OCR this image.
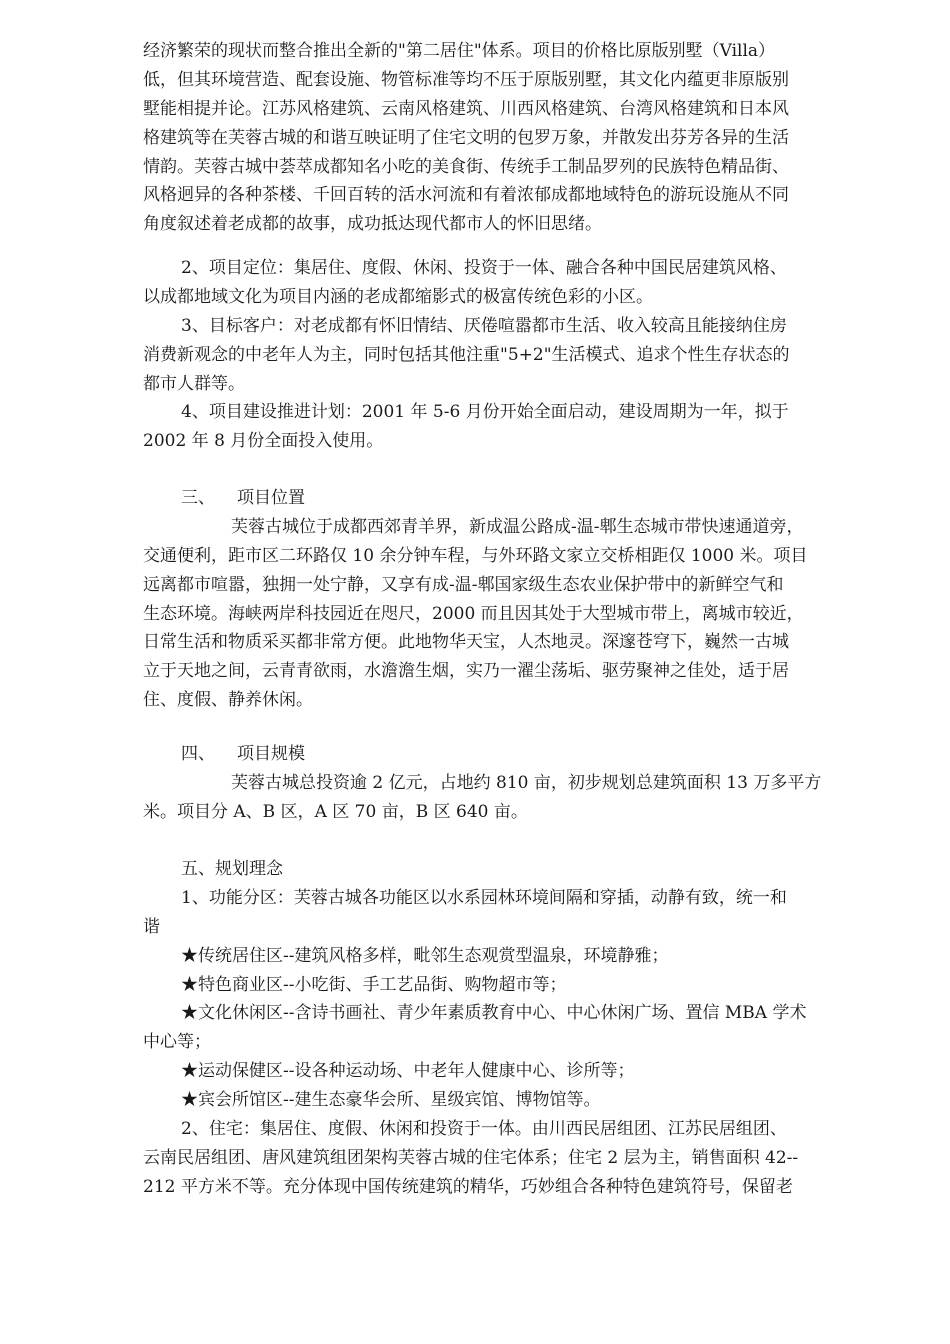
经济繁荣的现状而整合推出全新的"第二居住"体系。项目的价格比原版别墅（Villa）
低，但其环境营造、配套设施、物管标准等均不压于原版别墅，其文化内蕴更非原版别
墅能相提并论。江苏风格建筑、云南风格建筑、川西风格建筑、台湾风格建筑和日本风
格建筑等在芙蓉古城的和谐互映证明了住宅文明的包罗万象，并散发出芬芳各异的生活
情韵。芙蓉古城中荟萃成都知名小吃的美食街、传统手工制品罗列的民族特色精品街、
风格迥异的各种茶楼、千回百转的活水河流和有着浓郁成都地域特色的游玩设施从不同
角度叙述着老成都的故事，成功抵达现代都市人的怀旧思绪。
2、项目定位：集居住、度假、休闲、投资于一体、融合各种中国民居建筑风格、
以成都地域文化为项目内涵的老成都缩影式的极富传统色彩的小区。
3、目标客户：对老成都有怀旧情结、厌倦喧嚣都市生活、收入较高且能接纳住房
消费新观念的中老年人为主，同时包括其他注重"5+2"生活模式、追求个性生存状态的
都市人群等。
4、项目建设推进计划：2001 年 5-6 月份开始全面启动，建设周期为一年，拟于
2002 年 8 月份全面投入使用。
三、 项目位置
芙蓉古城位于成都西郊青羊界，新成温公路成-温-郫生态城市带快速通道旁，
交通便利，距市区二环路仅 10 余分钟车程，与外环路文家立交桥相距仅 1000 米。项目
远离都市喧嚣，独拥一处宁静，又享有成-温-郫国家级生态农业保护带中的新鲜空气和
生态环境。海峡两岸科技园近在咫尺，2000 而且因其处于大型城市带上，离城市较近，
日常生活和物质采买都非常方便。此地物华天宝，人杰地灵。深邃苍穹下，巍然一古城
立于天地之间，云青青欲雨，水澹澹生烟，实乃一濯尘荡垢、驱劳聚神之佳处，适于居
住、度假、静养休闲。
四、 项目规模
芙蓉古城总投资逾 2 亿元，占地约 810 亩，初步规划总建筑面积 13 万多平方
米。项目分 A、B 区，A 区 70 亩，B 区 640 亩。
五、规划理念
1、功能分区：芙蓉古城各功能区以水系园林环境间隔和穿插，动静有致，统一和
谐
★传统居住区--建筑风格多样，毗邻生态观赏型温泉，环境静雅；
★特色商业区--小吃街、手工艺品街、购物超市等；
★文化休闲区--含诗书画社、青少年素质教育中心、中心休闲广场、置信 MBA 学术
中心等；
★运动保健区--设各种运动场、中老年人健康中心、诊所等；
★宾会所馆区--建生态豪华会所、星级宾馆、博物馆等。
2、住宅：集居住、度假、休闲和投资于一体。由川西民居组团、江苏民居组团、
云南民居组团、唐风建筑组团架构芙蓉古城的住宅体系；住宅 2 层为主，销售面积 42--
212 平方米不等。充分体现中国传统建筑的精华，巧妙组合各种特色建筑符号，保留老
